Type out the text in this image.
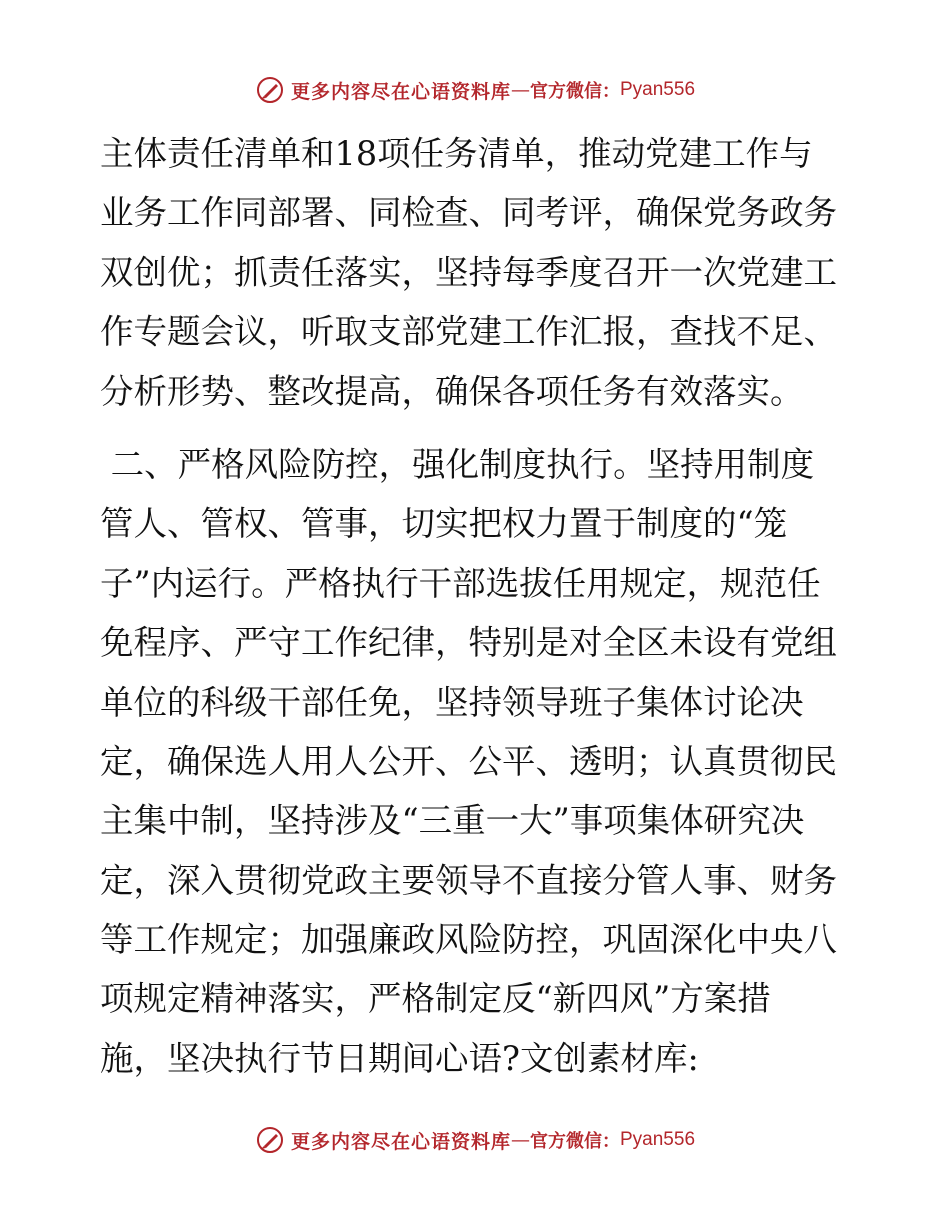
更多内容尽在心语资料库 — 官方微信： Pyan556
主体责任清单和18项任务清单，推动党建工作与
业务工作同部署、同检查、同考评，确保党务政务
双创优；抓责任落实，坚持每季度召开一次党建工
作专题会议，听取支部党建工作汇报，查找不足、
分析形势、整改提高，确保各项任务有效落实。
二、严格风险防控，强化制度执行。坚持用制度
管人、管权、管事，切实把权力置于制度的“笼
子”内运行。严格执行干部选拔任用规定，规范任
免程序、严守工作纪律，特别是对全区未设有党组
单位的科级干部任免，坚持领导班子集体讨论决
定，确保选人用人公开、公平、透明；认真贯彻民
主集中制，坚持涉及“三重一大”事项集体研究决
定，深入贯彻党政主要领导不直接分管人事、财务
等工作规定；加强廉政风险防控，巩固深化中央八
项规定精神落实，严格制定反“新四风”方案措
施，坚决执行节日期间心语?文创素材库:
更多内容尽在心语资料库 — 官方微信： Pyan556
